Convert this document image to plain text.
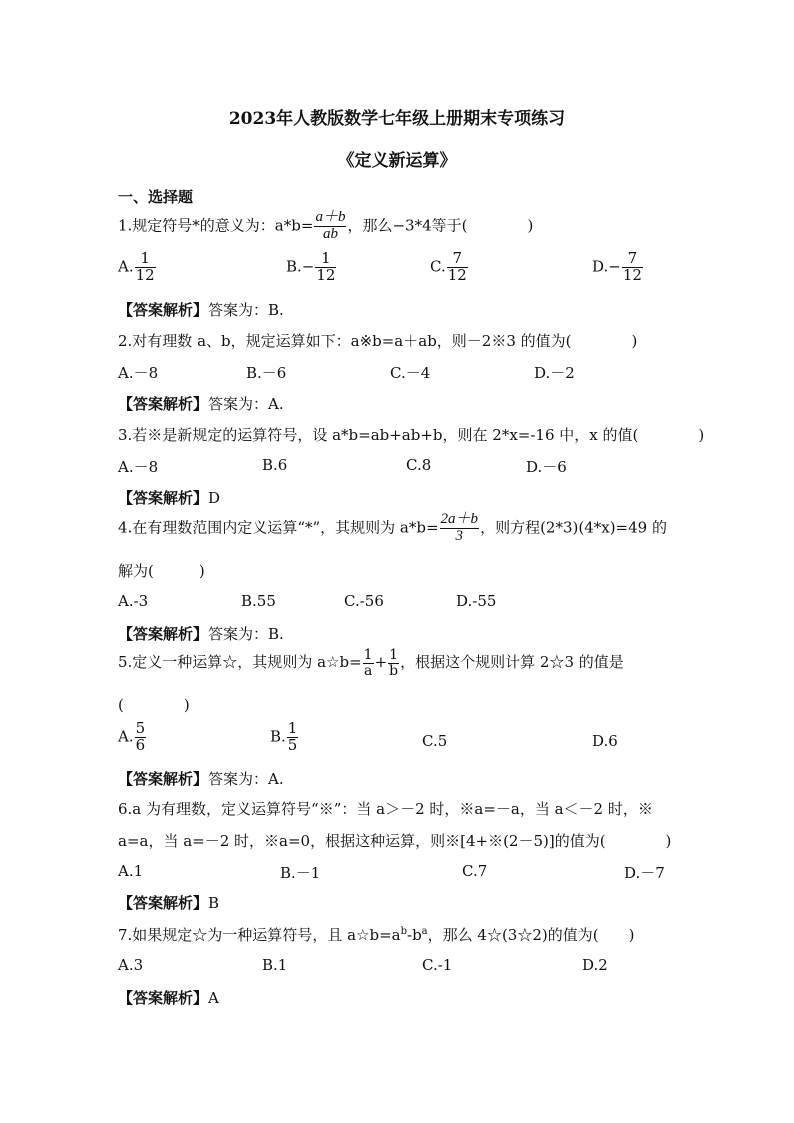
2023年人教版数学七年级上册期末专项练习
《定义新运算》
一、选择题
1.规定符号*的意义为：$a*b= \frac{a+b}{ab}$ ，那么−3*4等于(　　　　)
A. $\frac{1}{12}$	$B.- \frac{1}{12}$	C. $\frac{7}{12}$	$D.- \frac{7}{12}$
【答案解析】答案为：B.
2.对有理数 a、b，规定运算如下：a※b=a＋ab，则－2※3 的值为(　　　　)
A.－8	B.－6	C.－4	D.－2
【答案解析】答案为：A.
3.若※是新规定的运算符号，设 a*b=ab+ab+b，则在 2*x=-16 中，x 的值(　　　　)
A.－8	B.6	C.8	D.－6
【答案解析】D
4.在有理数范围内定义运算“*”，其规则为 $a*b= \frac{2a+b}{3}$ ，则方程(2*3)(4*x)=49 的
解为(　　　)
A.-3	B.55	C.-56	D.-55
【答案解析】答案为：B.
5.定义一种运算☆，其规则为 a☆b= $\frac{1}{a} + \frac{1}{b}$ ，根据这个规则计算 2☆3 的值是
(　　　　)
A. $\frac{5}{6}$	B. $\frac{1}{5}$	C.5	D.6
【答案解析】答案为：A.
6.a 为有理数，定义运算符号“※”：当 a＞－2 时，※a=－a，当 a＜－2 时，※
a=a，当 a=－2 时，※a=0，根据这种运算，则※[4+※(2－5)]的值为(　　　　)
A.1	B.－1	C.7	D.－7
【答案解析】B
7.如果规定☆为一种运算符号，且 $a☆b=a^b-b^a$，那么 4☆(3☆2)的值为(　　)
A.3	B.1	C.-1	D.2
【答案解析】A
